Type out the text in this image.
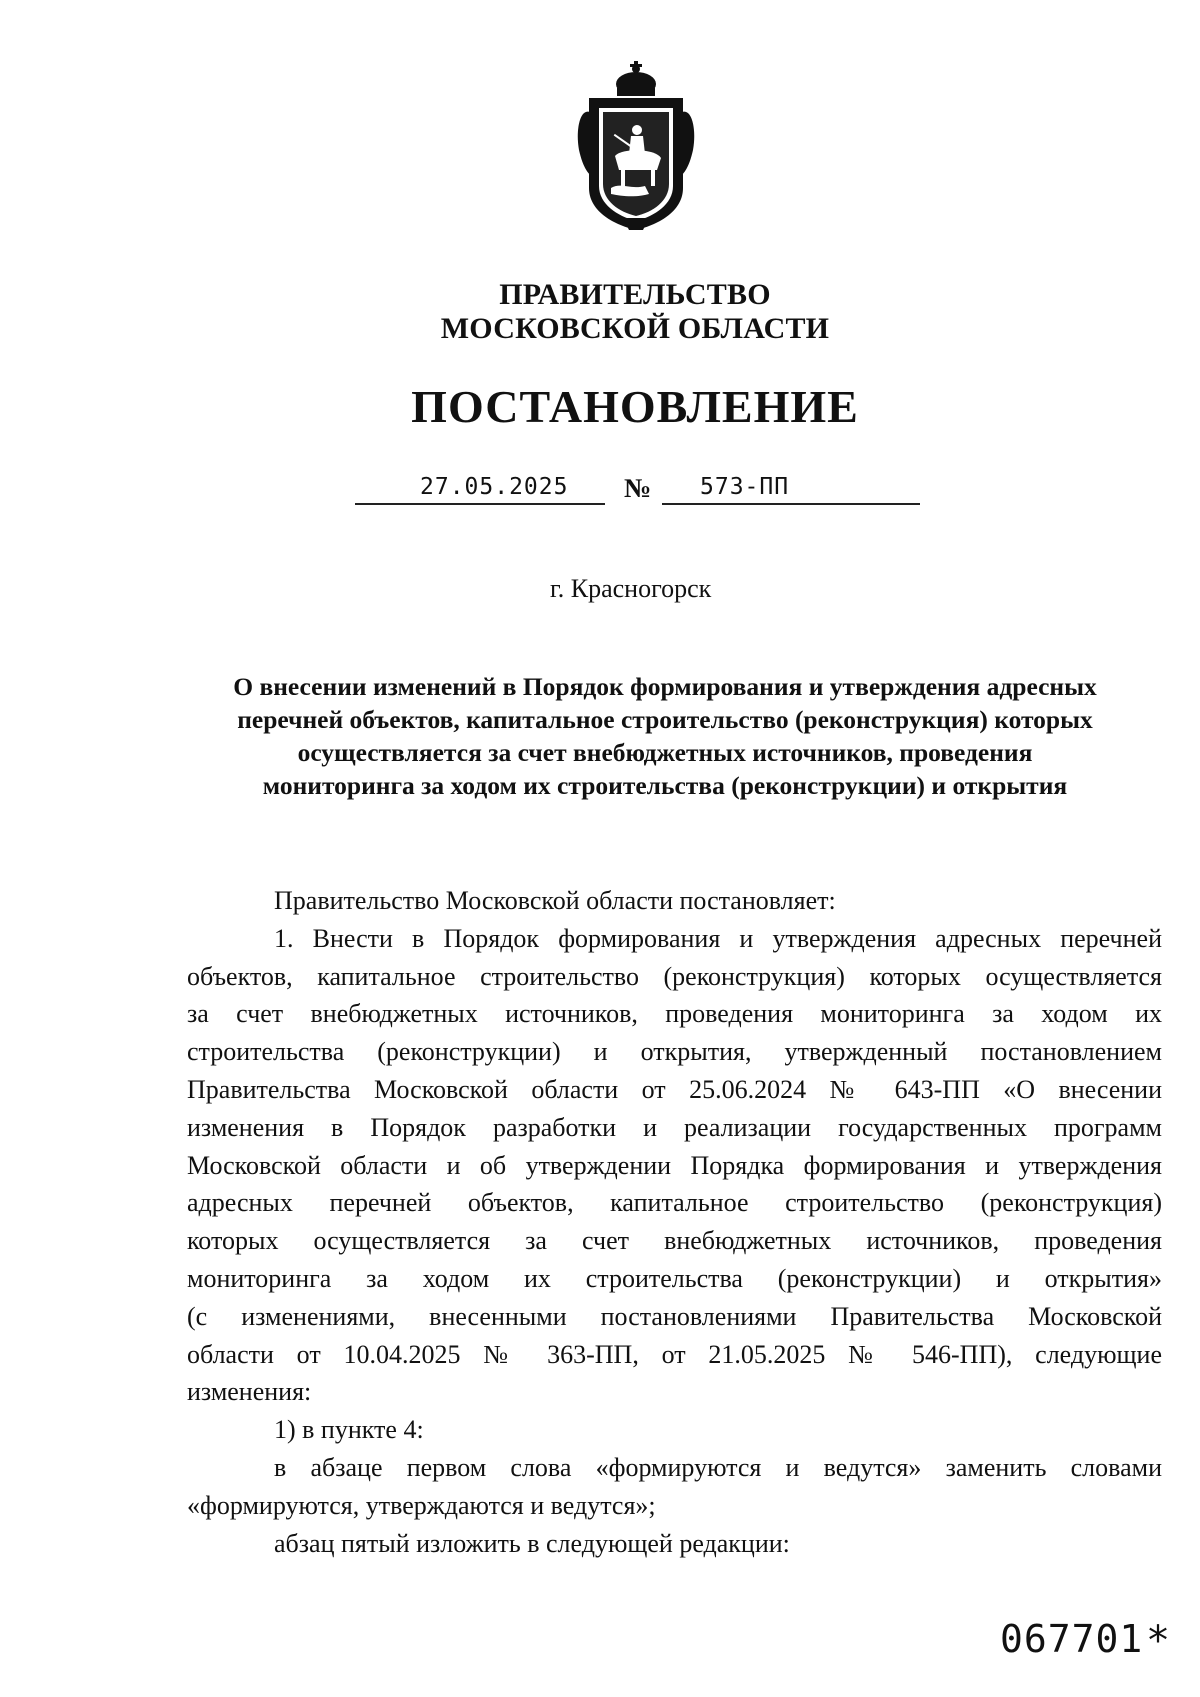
ПРАВИТЕЛЬСТВО
МОСКОВСКОЙ ОБЛАСТИ
ПОСТАНОВЛЕНИЕ
27.05.2025 № 573-ПП
г. Красногорск
О внесении изменений в Порядок формирования и утверждения адресных
перечней объектов, капитальное строительство (реконструкция) которых
осуществляется за счет внебюджетных источников, проведения
мониторинга за ходом их строительства (реконструкции) и открытия
Правительство Московской области постановляет:
1. Внести в Порядок формирования и утверждения адресных перечней
объектов, капитальное строительство (реконструкция) которых осуществляется
за счет внебюджетных источников, проведения мониторинга за ходом их
строительства (реконструкции) и открытия, утвержденный постановлением
Правительства Московской области от 25.06.2024 № 643-ПП «О внесении
изменения в Порядок разработки и реализации государственных программ
Московской области и об утверждении Порядка формирования и утверждения
адресных перечней объектов, капитальное строительство (реконструкция)
которых осуществляется за счет внебюджетных источников, проведения
мониторинга за ходом их строительства (реконструкции) и открытия»
(с изменениями, внесенными постановлениями Правительства Московской
области от 10.04.2025 № 363-ПП, от 21.05.2025 № 546-ПП), следующие
изменения:
1) в пункте 4:
в абзаце первом слова «формируются и ведутся» заменить словами
«формируются, утверждаются и ведутся»;
абзац пятый изложить в следующей редакции:
067701 *
